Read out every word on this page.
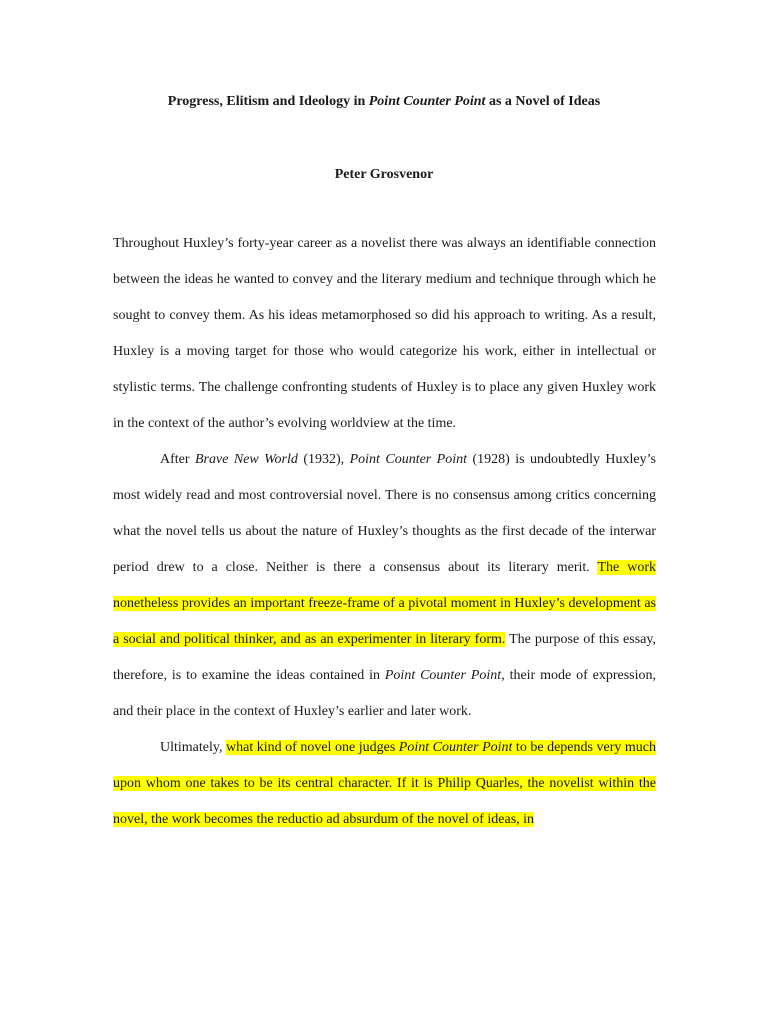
Progress, Elitism and Ideology in Point Counter Point as a Novel of Ideas
Peter Grosvenor

Throughout Huxley’s forty-year career as a novelist there was always an identifiable connection between the ideas he wanted to convey and the literary medium and technique through which he sought to convey them. As his ideas metamorphosed so did his approach to writing. As a result, Huxley is a moving target for those who would categorize his work, either in intellectual or stylistic terms. The challenge confronting students of Huxley is to place any given Huxley work in the context of the author’s evolving worldview at the time.

After Brave New World (1932), Point Counter Point (1928) is undoubtedly Huxley’s most widely read and most controversial novel. There is no consensus among critics concerning what the novel tells us about the nature of Huxley’s thoughts as the first decade of the interwar period drew to a close. Neither is there a consensus about its literary merit. The work nonetheless provides an important freeze-frame of a pivotal moment in Huxley’s development as a social and political thinker, and as an experimenter in literary form. The purpose of this essay, therefore, is to examine the ideas contained in Point Counter Point, their mode of expression, and their place in the context of Huxley’s earlier and later work.

Ultimately, what kind of novel one judges Point Counter Point to be depends very much upon whom one takes to be its central character. If it is Philip Quarles, the novelist within the novel, the work becomes the reductio ad absurdum of the novel of ideas, in
